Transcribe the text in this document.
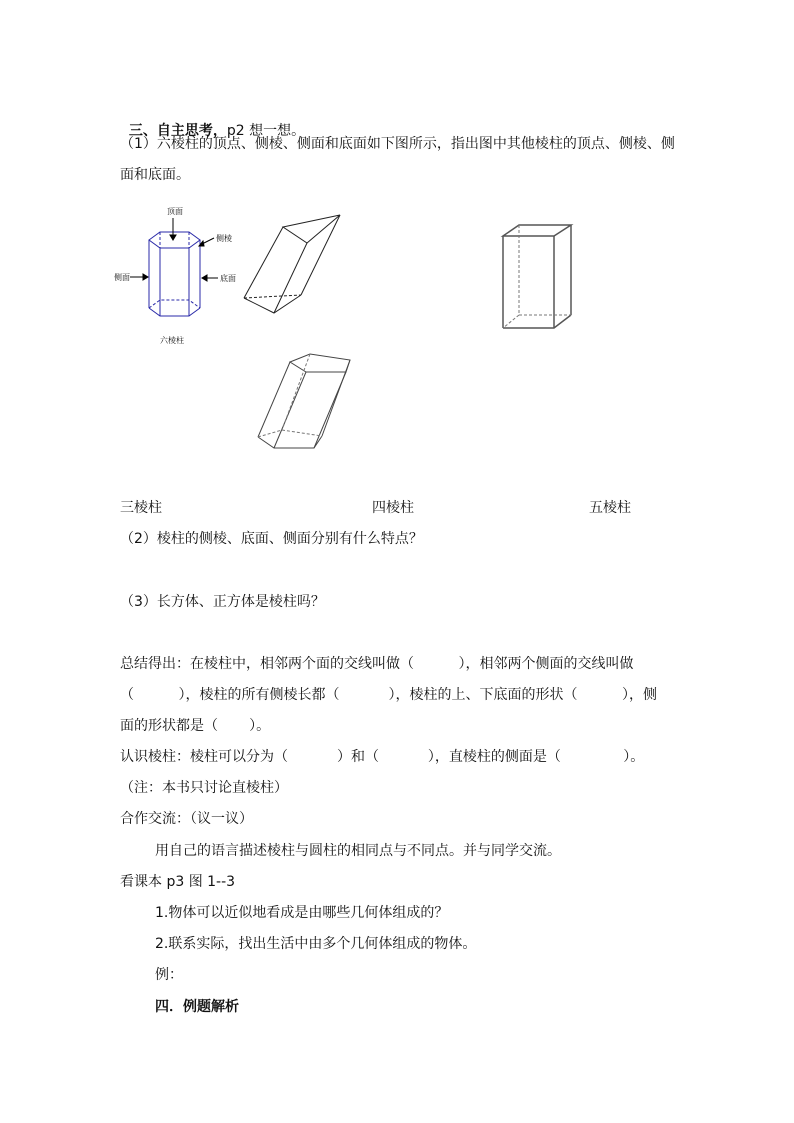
三、自主思考，p2 想一想。

（1）六棱柱的顶点、侧棱、侧面和底面如下图所示，指出图中其他棱柱的顶点、侧棱、侧
面和底面。
顶面
侧棱
侧面	底面
六棱柱
三棱柱	四棱柱	五棱柱
（2）棱柱的侧棱、底面、侧面分别有什么特点？
（3）长方体、正方体是棱柱吗？
总结得出：在棱柱中，相邻两个面的交线叫做（          ），相邻两个侧面的交线叫做
（          ），棱柱的所有侧棱长都（           ），棱柱的上、下底面的形状（          ），侧
面的形状都是（       ）。
认识棱柱：棱柱可以分为（           ）和（           ），直棱柱的侧面是（              ）。
（注：本书只讨论直棱柱）
合作交流：（议一议）
用自己的语言描述棱柱与圆柱的相同点与不同点。并与同学交流。
看课本 p3 图 1--3
1.物体可以近似地看成是由哪些几何体组成的？
2.联系实际，找出生活中由多个几何体组成的物体。
例：
四．例题解析
